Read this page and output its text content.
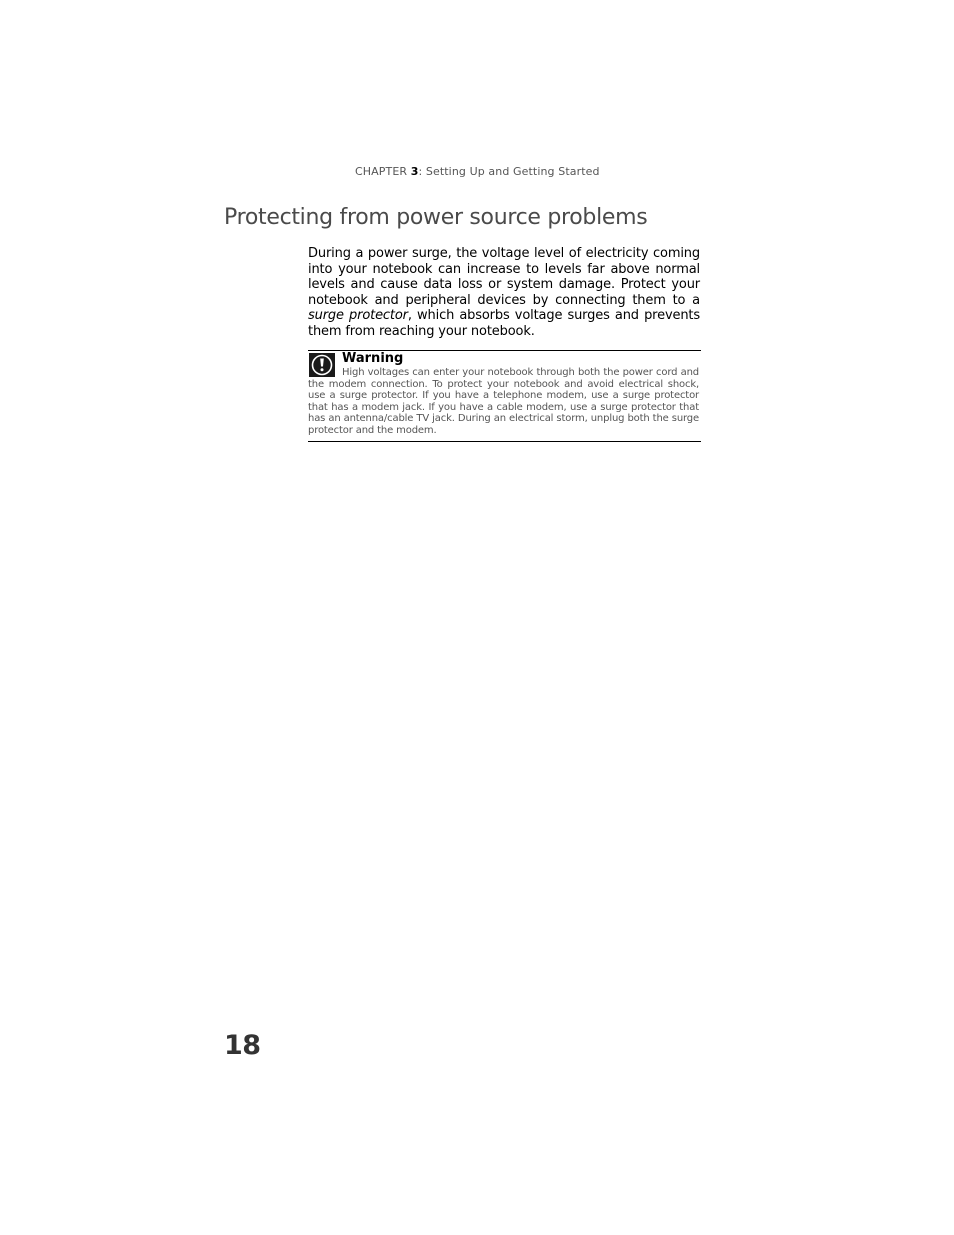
CHAPTER 3: Setting Up and Getting Started
Protecting from power source problems

During a power surge, the voltage level of electricity coming into your notebook can increase to levels far above normal levels and cause data loss or system damage. Protect your notebook and peripheral devices by connecting them to a surge protector, which absorbs voltage surges and prevents them from reaching your notebook.

Warning

High voltages can enter your notebook through both the power cord and the modem connection. To protect your notebook and avoid electrical shock, use a surge protector. If you have a telephone modem, use a surge protector that has a modem jack. If you have a cable modem, use a surge protector that has an antenna/cable TV jack. During an electrical storm, unplug both the surge protector and the modem.

18
